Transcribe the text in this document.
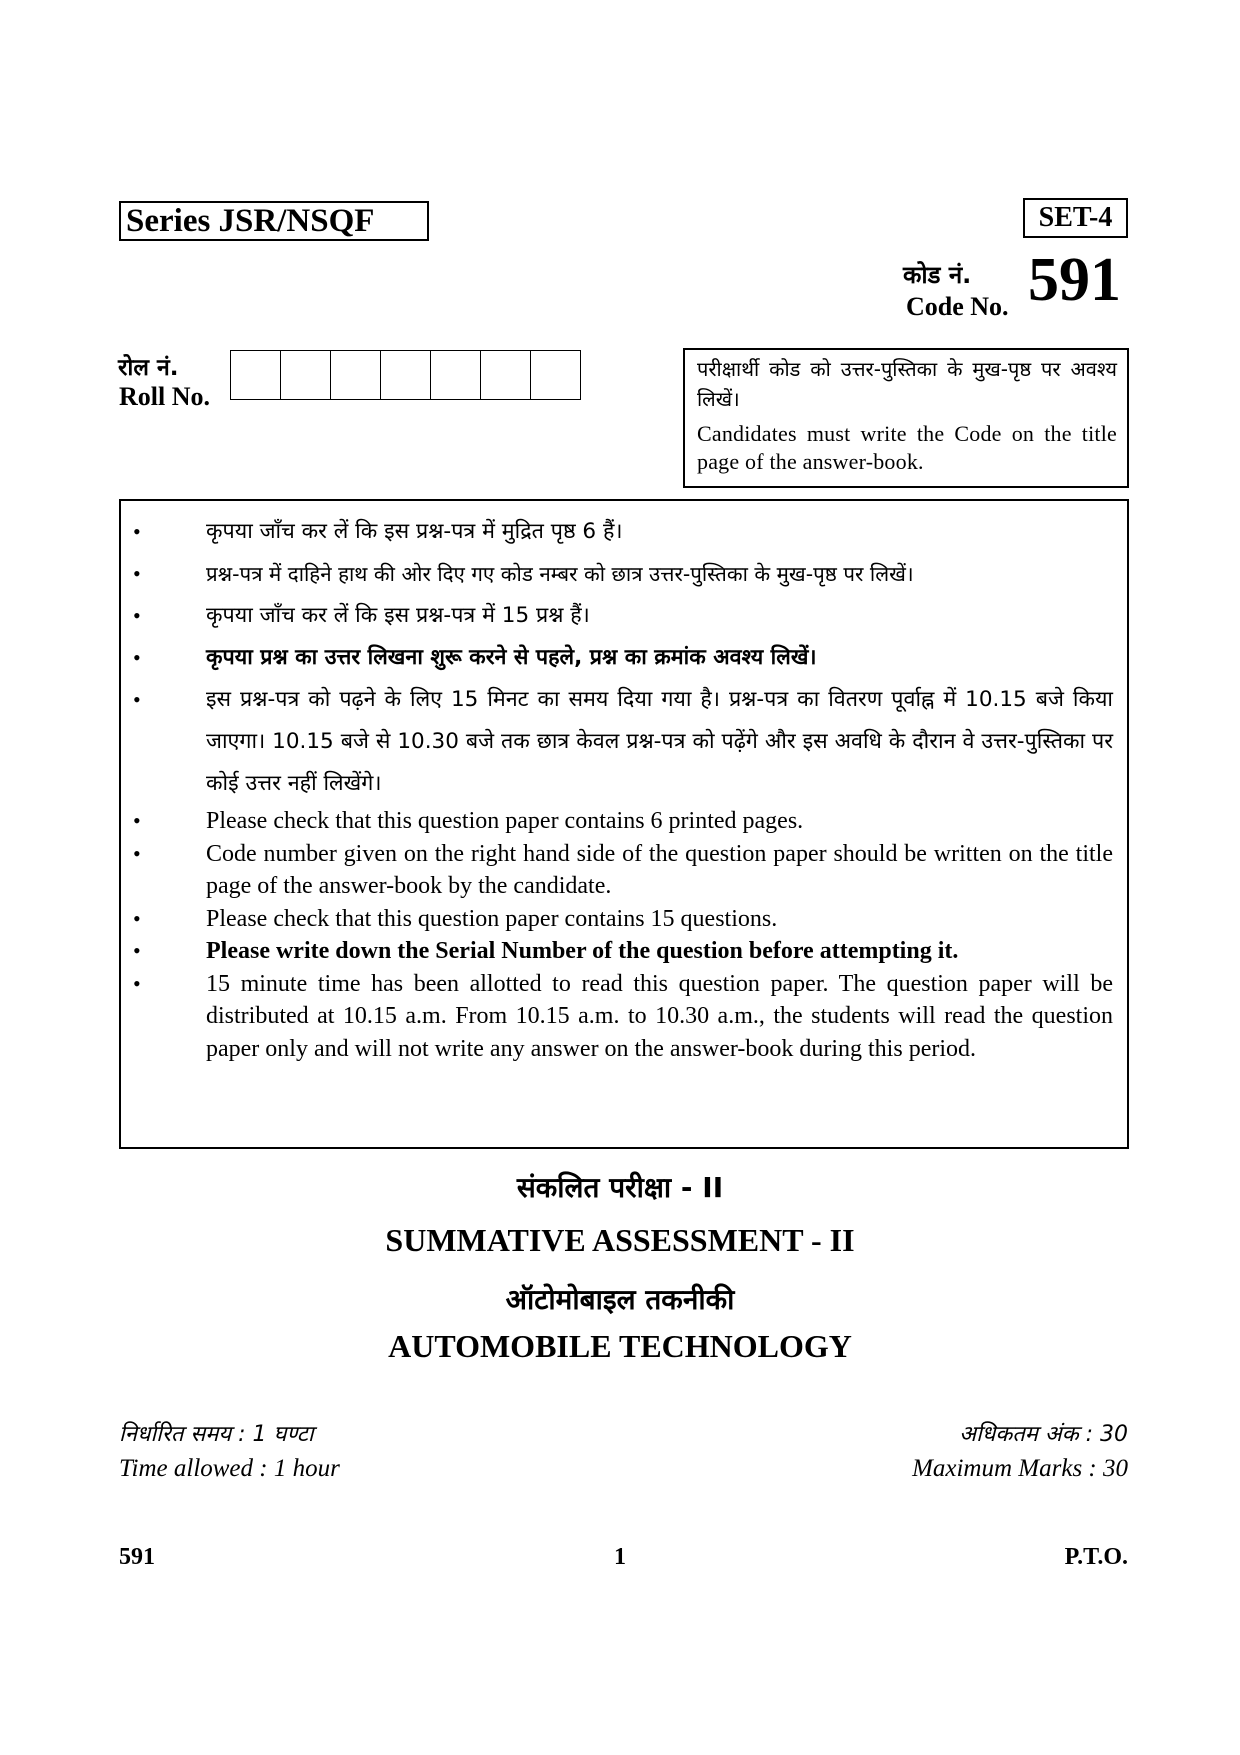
Series JSR/NSQF	SET-4
कोड नं.
Code No. 591
रोल नं.
Roll No.
परीक्षार्थी कोड को उत्तर-पुस्तिका के मुख-पृष्ठ पर अवश्य लिखें।
Candidates must write the Code on the title page of the answer-book.
•	कृपया जाँच कर लें कि इस प्रश्न-पत्र में मुद्रित पृष्ठ 6 हैं।
•	प्रश्न-पत्र में दाहिने हाथ की ओर दिए गए कोड नम्बर को छात्र उत्तर-पुस्तिका के मुख-पृष्ठ पर लिखें।
•	कृपया जाँच कर लें कि इस प्रश्न-पत्र में 15 प्रश्न हैं।
•	कृपया प्रश्न का उत्तर लिखना शुरू करने से पहले, प्रश्न का क्रमांक अवश्य लिखें।
•	इस प्रश्न-पत्र को पढ़ने के लिए 15 मिनट का समय दिया गया है। प्रश्न-पत्र का वितरण पूर्वाह्न में 10.15 बजे किया जाएगा। 10.15 बजे से 10.30 बजे तक छात्र केवल प्रश्न-पत्र को पढ़ेंगे और इस अवधि के दौरान वे उत्तर-पुस्तिका पर कोई उत्तर नहीं लिखेंगे।
•	Please check that this question paper contains 6 printed pages.
•	Code number given on the right hand side of the question paper should be written on the title page of the answer-book by the candidate.
•	Please check that this question paper contains 15 questions.
•	Please write down the Serial Number of the question before attempting it.
•	15 minute time has been allotted to read this question paper. The question paper will be distributed at 10.15 a.m. From 10.15 a.m. to 10.30 a.m., the students will read the question paper only and will not write any answer on the answer-book during this period.
संकलित परीक्षा - II
SUMMATIVE ASSESSMENT - II
ऑटोमोबाइल तकनीकी
AUTOMOBILE TECHNOLOGY
निर्धारित समय : 1 घण्टा
Time allowed : 1 hour
अधिकतम अंक : 30
Maximum Marks : 30
591	1	P.T.O.
